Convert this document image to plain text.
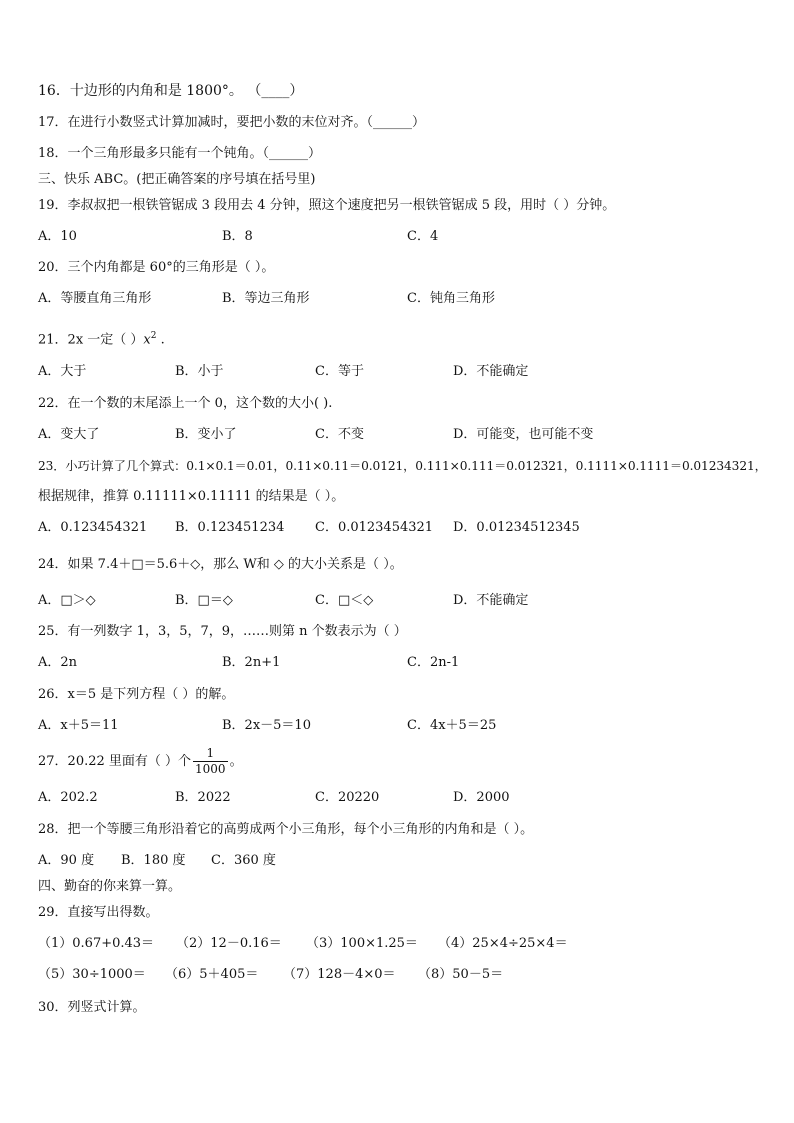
16．十边形的内角和是 1800°。 （____）
17．在进行小数竖式计算加减时，要把小数的末位对齐。（______）
18．一个三角形最多只能有一个钝角。（______）
三、快乐 ABC。(把正确答案的序号填在括号里)
19．李叔叔把一根铁管锯成 3 段用去 4 分钟，照这个速度把另一根铁管锯成 5 段，用时（ ）分钟。
A．10	B．8	C．4
20．三个内角都是 60°的三角形是（ ）。
A．等腰直角三角形	B．等边三角形	C．钝角三角形
21．2x 一定（ ）$x^2$ .
A．大于	B．小于	C．等于	D．不能确定
22．在一个数的末尾添上一个 0，这个数的大小( ).
A．变大了	B．变小了	C．不变	D．可能变，也可能不变
23．小巧计算了几个算式：0.1×0.1＝0.01，0.11×0.11＝0.0121，0.111×0.111＝0.012321，0.1111×0.1111＝0.01234321，
根据规律，推算 0.11111×0.11111 的结果是（ ）。
A．0.123454321 B．0.123451234 C．0.0123454321 D．0.01234512345
24．如果 7.4＋□＝5.6＋◇，那么 W和 ◇ 的大小关系是（ ）。
A．□＞◇	B．□＝◇	C．□＜◇	D．不能确定
25．有一列数字 1，3，5，7，9，……则第 n 个数表示为（ ）
A．2n	B．2n+1	C．2n-1
26．x＝5 是下列方程（ ）的解。
A．x＋5＝11	B．2x－5＝10	C．4x＋5＝25
27．20.22 里面有（ ）个 $\frac{1}{1000}$ 。
A．202.2	B．2022	C．20220	D．2000
28．把一个等腰三角形沿着它的高剪成两个小三角形，每个小三角形的内角和是（ ）。
A．90 度 B．180 度 C．360 度
四、勤奋的你来算一算。
29．直接写出得数。
（1）0.67+0.43＝ （2）12－0.16＝ （3）100×1.25＝ （4）25×4÷25×4＝
（5）30÷1000＝ （6）5＋405＝ （7）128－4×0＝ （8）50－5＝
30．列竖式计算。
